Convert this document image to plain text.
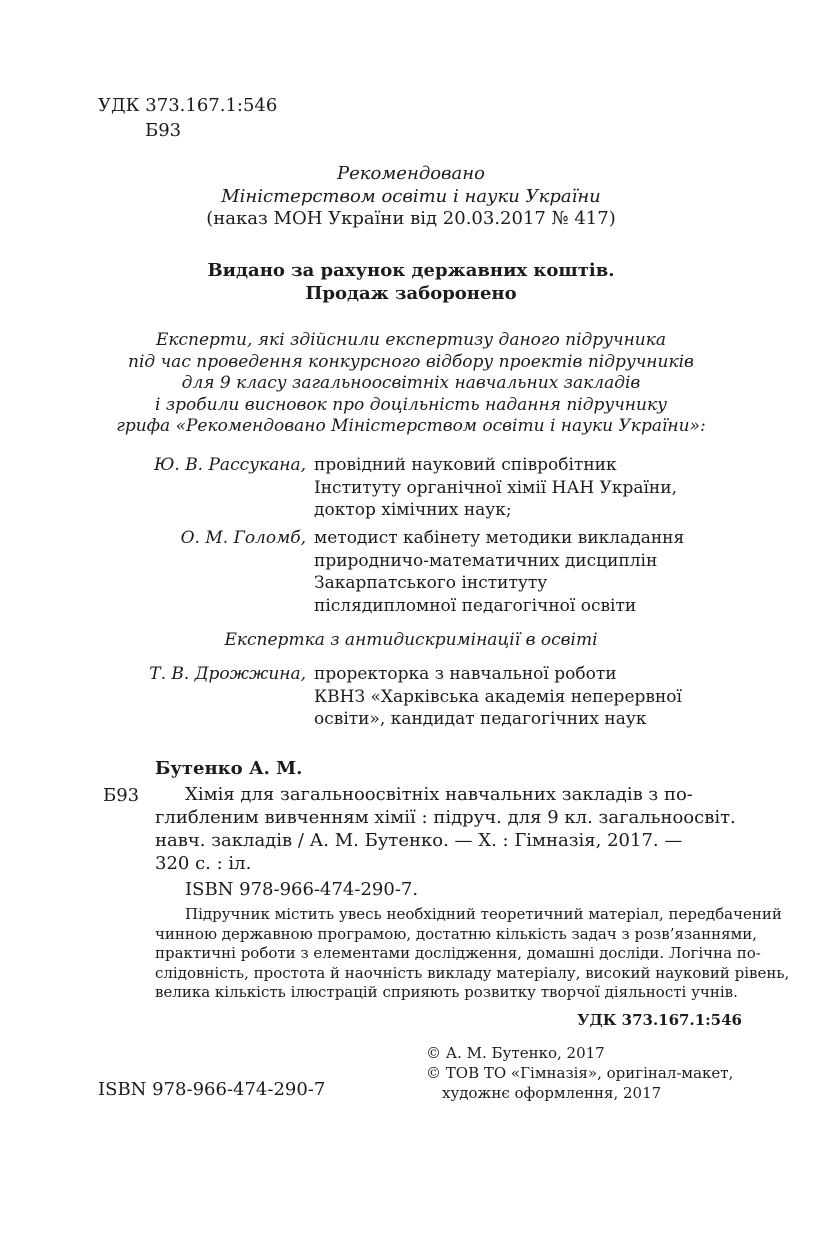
УДК 373.167.1:546
Б93
Рекомендовано
Міністерством освіти і науки України
(наказ МОН України від 20.03.2017 № 417)
Видано за рахунок державних коштів.
Продаж заборонено
Експерти, які здійснили експертизу даного підручника
під час проведення конкурсного відбору проектів підручників
для 9 класу загальноосвітніх навчальних закладів
і зробили висновок про доцільність надання підручнику
грифа «Рекомендовано Міністерством освіти і науки України»:
Ю. В. Рассукана, провідний науковий співробітник
Інституту органічної хімії НАН України,
доктор хімічних наук;
О. М. Голомб, методист кабінету методики викладання
природничо-математичних дисциплін
Закарпатського інституту
післядипломної педагогічної освіти
Експертка з антидискримінації в освіті
Т. В. Дрожжина, проректорка з навчальної роботи
КВНЗ «Харківська академія неперервної
освіти», кандидат педагогічних наук
Бутенко А. М.
Б93	Хімія для загальноосвітніх навчальних закладів з по-
глибленим вивченням хімії : підруч. для 9 кл. загальноосвіт.
навч. закладів / А. М. Бутенко. — Х. : Гімназія, 2017. —
320 с. : іл.
ISBN 978-966-474-290-7.
Підручник містить увесь необхідний теоретичний матеріал, передбачений
чинною державною програмою, достатню кількість задач з розв’язаннями,
практичні роботи з елементами дослідження, домашні досліди. Логічна по-
слідовність, простота й наочність викладу матеріалу, високий науковий рівень,
велика кількість ілюстрацій сприяють розвитку творчої діяльності учнів.
УДК 373.167.1:546
ISBN 978-966-474-290-7
© А. М. Бутенко, 2017
© ТОВ ТО «Гімназія», оригінал-макет,
художнє оформлення, 2017
